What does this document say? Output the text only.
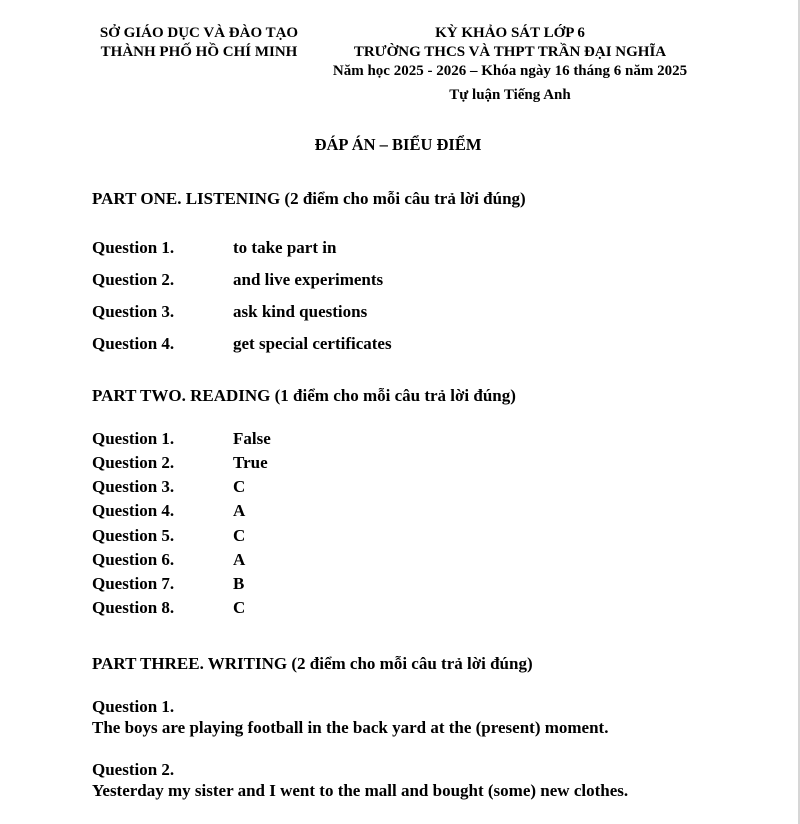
SỞ GIÁO DỤC VÀ ĐÀO TẠO
THÀNH PHỐ HỒ CHÍ MINH
KỲ KHẢO SÁT LỚP 6
TRƯỜNG THCS VÀ THPT TRẦN ĐẠI NGHĨA
Năm học 2025 - 2026 – Khóa ngày 16 tháng 6 năm 2025
Tự luận Tiếng Anh
ĐÁP ÁN – BIỂU ĐIỂM
PART ONE. LISTENING (2 điểm cho mỗi câu trả lời đúng)
Question 1.	to take part in
Question 2.	and live experiments
Question 3.	ask kind questions
Question 4.	get special certificates
PART TWO. READING (1 điểm cho mỗi câu trả lời đúng)
Question 1.	False
Question 2.	True
Question 3.	C
Question 4.	A
Question 5.	C
Question 6.	A
Question 7.	B
Question 8.	C
PART THREE. WRITING (2 điểm cho mỗi câu trả lời đúng)
Question 1.
The boys are playing football in the back yard at the (present) moment.
Question 2.
Yesterday my sister and I went to the mall and bought (some) new clothes.
